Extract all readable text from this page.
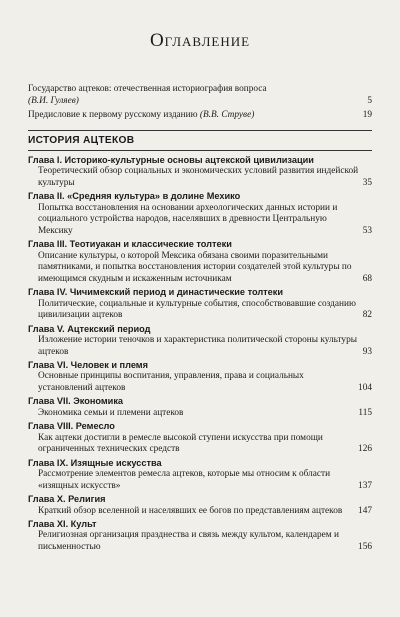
Оглавление
Государство ацтеков: отечественная историография вопроса
(В.И. Гуляев)	5
Предисловие к первому русскому изданию (В.В. Струве)	19
ИСТОРИЯ АЦТЕКОВ
Глава I. Историко-культурные основы ацтекской цивилизации
Теоретический обзор социальных и экономических условий развития индейской культуры	35
Глава II. «Средняя культура» в долине Мехико
Попытка восстановления на основании археологических данных истории и социального устройства народов, населявших в древности Центральную Мексику	53
Глава III. Теотиуакан и классические толтеки
Описание культуры, о которой Мексика обязана своими поразительными памятниками, и попытка восстановления истории создателей этой культуры по имеющимся скудным и искаженным источникам	68
Глава IV. Чичимекский период и династические толтеки
Политические, социальные и культурные события, способствовавшие созданию цивилизации ацтеков	82
Глава V. Ацтекский период
Изложение истории теночков и характеристика политической стороны культуры ацтеков	93
Глава VI. Человек и племя
Основные принципы воспитания, управления, права и социальных установлений ацтеков	104
Глава VII. Экономика
Экономика семьи и племени ацтеков	115
Глава VIII. Ремесло
Как ацтеки достигли в ремесле высокой ступени искусства при помощи ограниченных технических средств	126
Глава IX. Изящные искусства
Рассмотрение элементов ремесла ацтеков, которые мы относим к области «изящных искусств»	137
Глава X. Религия
Краткий обзор вселенной и населявших ее богов по представлениям ацтеков	147
Глава XI. Культ
Религиозная организация празднества и связь между культом, календарем и письменностью	156
